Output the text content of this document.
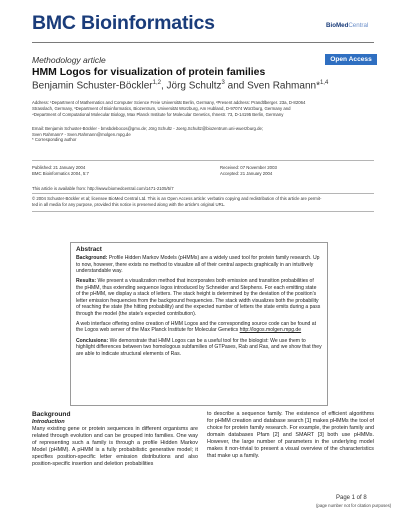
BMC Bioinformatics	BioMedCentral
Methodology article	Open Access
HMM Logos for visualization of protein families
Benjamin Schuster-Böckler$^{1,2}$, Jörg Schultz$^3$ and Sven Rahmann*$^{1,4}$
Address: ¹Department of Mathematics and Computer Science Freie Universität Berlin, Germany, ²Present address: Prandtlberger. 23a, D-82064
Strasslach, Germany, ³Department of Bioinformatics, Biozentrum, Universität Würzburg, Am Hubland, D-97074 Würzburg, Germany and
⁴Department of Computational Molecular Biology, Max Planck Institute for Molecular Genetics, Ihnestr. 73, D-14195 Berlin, Germany
Email: Benjamin Schuster-Böckler - bmsbdebocos@gmx.de; Jörg Schultz - Joerg.Schultz@biozentrum.uni-wuerzburg.de;
Sven Rahmann* - Sven.Rahmann@molgen.mpg.de
* Corresponding author
Published: 21 January 2004
BMC Bioinformatics 2004, 5:7
Received: 07 November 2003
Accepted: 21 January 2004
This article is available from: http://www.biomedcentral.com/1471-2105/5/7
© 2004 Schuster-Böckler et al; licensee BioMed Central Ltd. This is an Open Access article: verbatim copying and redistribution of this article are permit-
ted in all media for any purpose, provided this notice is preserved along with the article's original URL.
Abstract

Background: Profile Hidden Markov Models (pHMMs) are a widely used tool for protein family research. Up to now, however, there exists no method to visualize all of their central aspects graphically in an intuitively understandable way.

Results: We present a visualization method that incorporates both emission and transition probabilities of the pHMM, thus extending sequence logos introduced by Schneider and Stephens. For each emitting state of the pHMM, we display a stack of letters. The stack height is determined by the deviation of the position's letter emission frequencies from the background frequencies. The stack width visualizes both the probability of reaching the state (the hitting probability) and the expected number of letters the state emits during a pass through the model (the state's expected contribution).

A web interface offering online creation of HMM Logos and the corresponding source code can be found at the Logos web server of the Max Planck Institute for Molecular Genetics http://logos.molgen.mpg.de

Conclusions: We demonstrate that HMM Logos can be a useful tool for the biologist: We use them to highlight differences between two homologous subfamilies of GTPases, Rab and Ras, and we show that they are able to indicate structural elements of Ras.

Background
Introduction
Many existing gene or protein sequences in different organisms are related through evolution and can be grouped into families. One way of representing such a family is through a profile Hidden Markov Model (pHMM). A pHMM is a fully probabilistic generative model; it specifies position-specific letter emission distributions and also position-specific insertion and deletion probabilities
to describe a sequence family. The existence of efficient algorithms for pHMM creation and database search [1] makes pHMMs the tool of choice for protein family research. For example, the protein family and domain databases Pfam [2] and SMART [3] both use pHMMs. However, the large number of parameters in the underlying model makes it non-trivial to present a visual overview of the characteristics that make up a family.
Page 1 of 8
(page number not for citation purposes)
